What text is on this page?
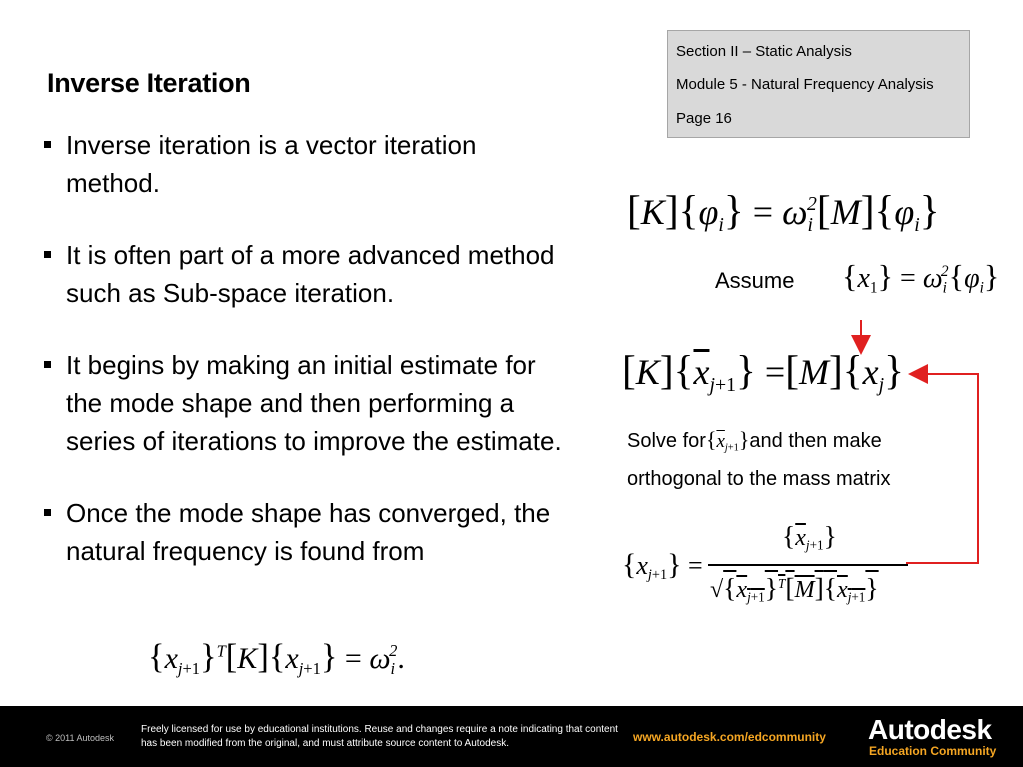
Inverse Iteration
Section II – Static Analysis
Module 5 - Natural Frequency Analysis
Page 16
Inverse iteration is a vector iteration method.
It is often part of a more advanced method such as Sub-space iteration.
It begins by making an initial estimate for the mode shape and then performing a series of iterations to improve the estimate.
Once the mode shape has converged, the natural frequency is found from
$[K]\{\varphi_i\} = \omega_i^2[M]\{\varphi_i\}$
Assume $\{x_1\} = \omega_i^2\{\varphi_i\}$
$[K]\{\overline{x}_{j+1}\} =[M]\{x_j\}$
Solve $for\{\overline{x}_{j+1}\}and$ then make orthogonal to the mass matrix
$\{x_{j+1}\}$ =
$\{\overline{x}_{j+1}\}$
$√\{x_{j+1}\}^T[M]\{x_{j+1}\}$
$\{x_{j+1}\}^T[K]\{x_{j+1}\} = \omega_i^2$.
© 2011 Autodesk
Freely licensed for use by educational institutions. Reuse and changes require a note indicating that content has been modified from the original, and must attribute source content to Autodesk.	www.autodesk.com/edcommunity Autodesk
Education Community
